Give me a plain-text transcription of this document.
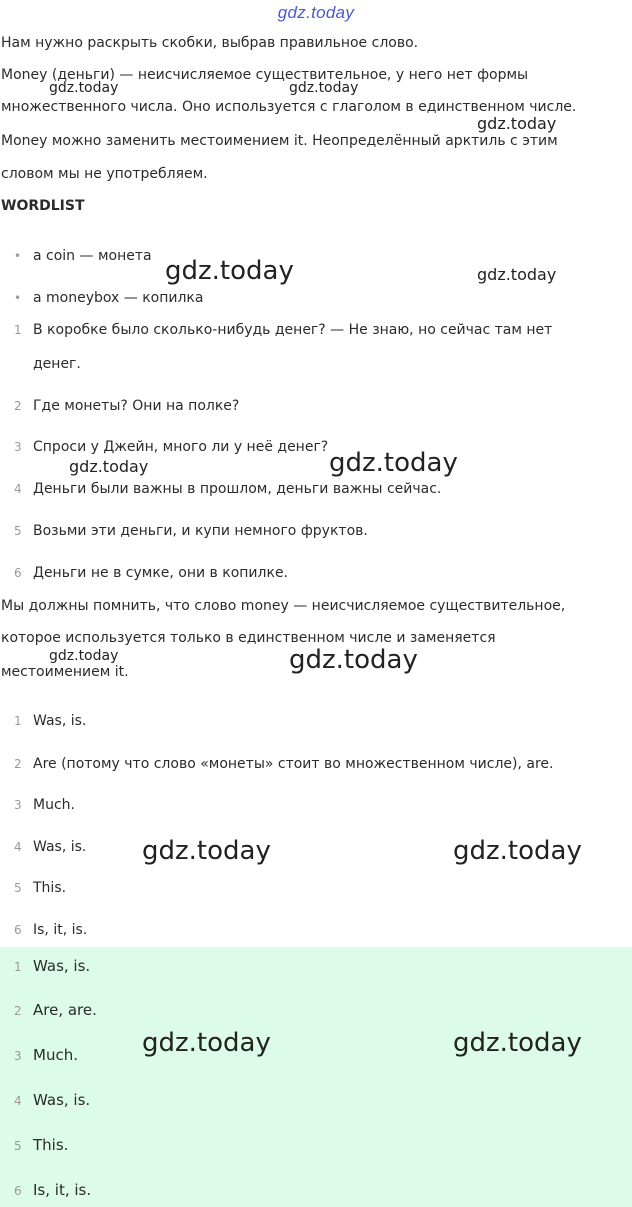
gdz.today
Нам нужно раскрыть скобки, выбрав правильное слово.
Money (деньги) — неисчисляемое существительное, у него нет формы
множественного числа. Оно используется с глаголом в единственном числе.
Money можно заменить местоимением it. Неопределённый арктиль с этим
словом мы не употребляем.
WORDLIST
• a coin — монета
• a moneybox — копилка
1 В коробке было сколько-нибудь денег? — Не знаю, но сейчас там нет
денег.
2 Где монеты? Они на полке?
3 Спроси у Джейн, много ли у неё денег?
4 Деньги были важны в прошлом, деньги важны сейчас.
5 Возьми эти деньги, и купи немного фруктов.
6 Деньги не в сумке, они в копилке.
Мы должны помнить, что слово money — неисчисляемое существительное,
которое используется только в единственном числе и заменяется
местоимением it.
1 Was, is.
2 Are (потому что слово «монеты» стоит во множественном числе), are.
3 Much.
4 Was, is.
5 This.
6 Is, it, is.
1 Was, is.
2 Are, are.
3 Much.
4 Was, is.
5 This.
6 Is, it, is.
gdz.today	gdz.today
gdz.today
gdz.today	gdz.today
gdz.today	gdz.today
gdz.today	gdz.today
gdz.today	gdz.today
gdz.today	gdz.today
